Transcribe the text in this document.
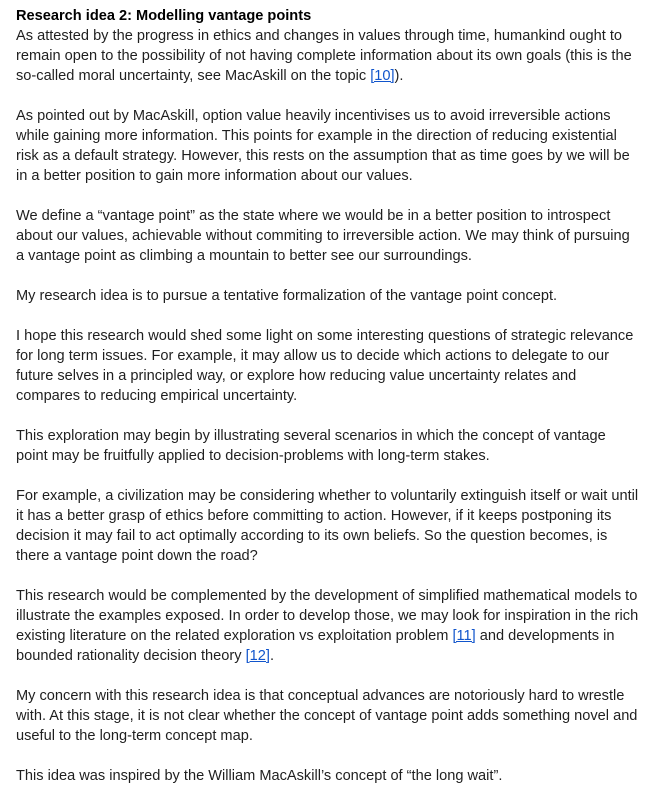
Research idea 2: Modelling vantage points

As attested by the progress in ethics and changes in values through time, humankind ought to remain open to the possibility of not having complete information about its own goals (this is the so-called moral uncertainty, see MacAskill on the topic [10]).

As pointed out by MacAskill, option value heavily incentivises us to avoid irreversible actions while gaining more information. This points for example in the direction of reducing existential risk as a default strategy. However, this rests on the assumption that as time goes by we will be in a better position to gain more information about our values.

We define a “vantage point” as the state where we would be in a better position to introspect about our values, achievable without commiting to irreversible action. We may think of pursuing a vantage point as climbing a mountain to better see our surroundings.

My research idea is to pursue a tentative formalization of the vantage point concept.

I hope this research would shed some light on some interesting questions of strategic relevance for long term issues. For example, it may allow us to decide which actions to delegate to our future selves in a principled way, or explore how reducing value uncertainty relates and compares to reducing empirical uncertainty.

This exploration may begin by illustrating several scenarios in which the concept of vantage point may be fruitfully applied to decision-problems with long-term stakes.

For example, a civilization may be considering whether to voluntarily extinguish itself or wait until it has a better grasp of ethics before committing to action. However, if it keeps postponing its decision it may fail to act optimally according to its own beliefs. So the question becomes, is there a vantage point down the road?

This research would be complemented by the development of simplified mathematical models to illustrate the examples exposed. In order to develop those, we may look for inspiration in the rich existing literature on the related exploration vs exploitation problem [11] and developments in bounded rationality decision theory [12].

My concern with this research idea is that conceptual advances are notoriously hard to wrestle with. At this stage, it is not clear whether the concept of vantage point adds something novel and useful to the long-term concept map.

This idea was inspired by the William MacAskill’s concept of “the long wait”.
